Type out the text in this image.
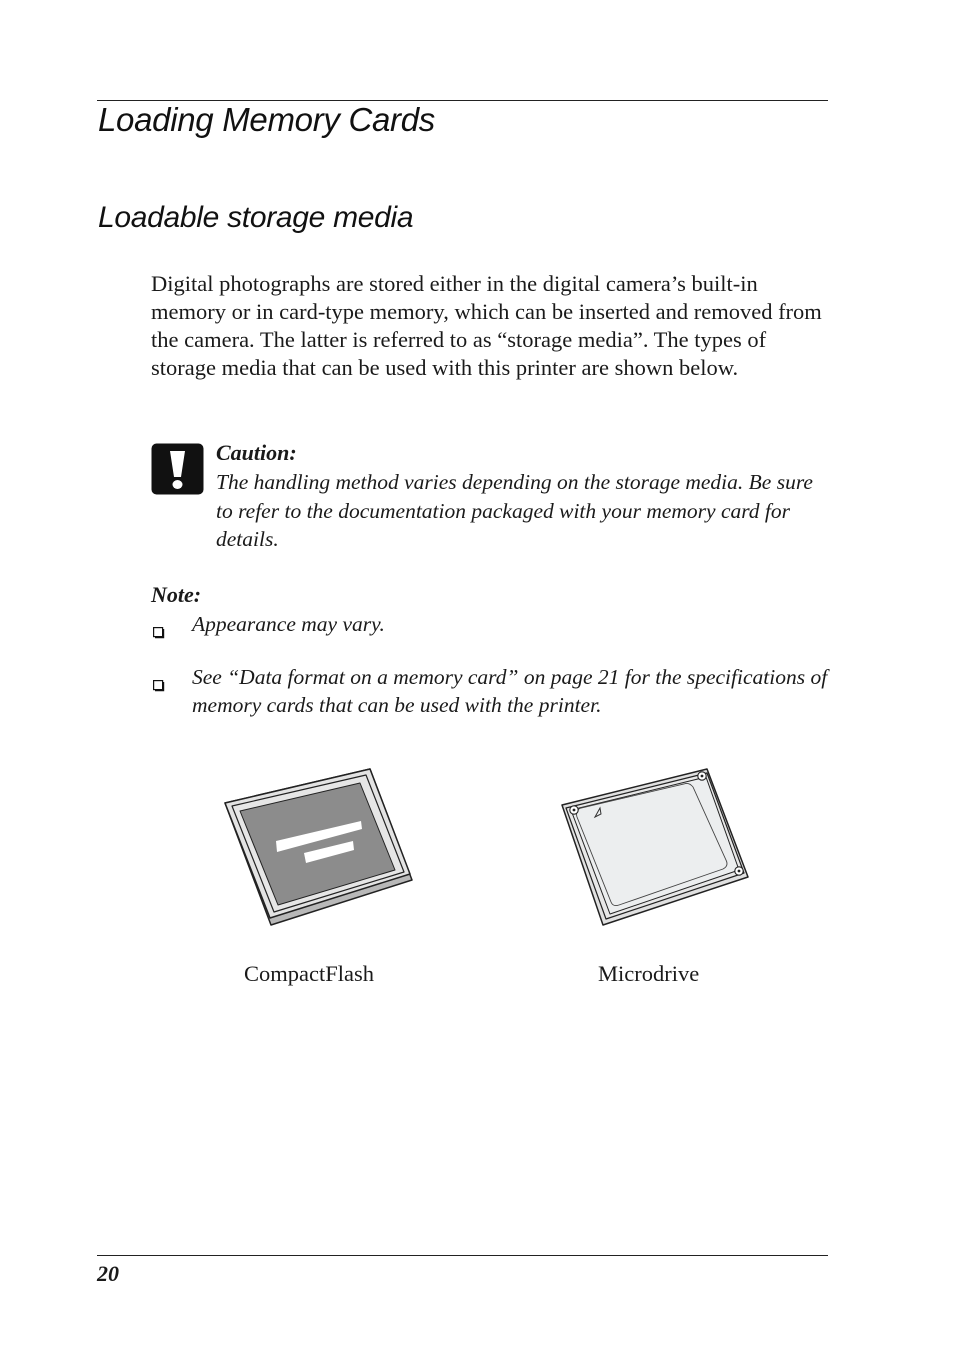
Loading Memory Cards
Loadable storage media

Digital photographs are stored either in the digital camera’s built-in memory or in card-type memory, which can be inserted and removed from the camera. The latter is referred to as “storage media”. The types of storage media that can be used with this printer are shown below.

Caution:

The handling method varies depending on the storage media. Be sure to refer to the documentation packaged with your memory card for details.

Note:
Appearance may vary.
See “Data format on a memory card” on page 21 for the specifications of memory cards that can be used with the printer.
CompactFlash	Microdrive
20
